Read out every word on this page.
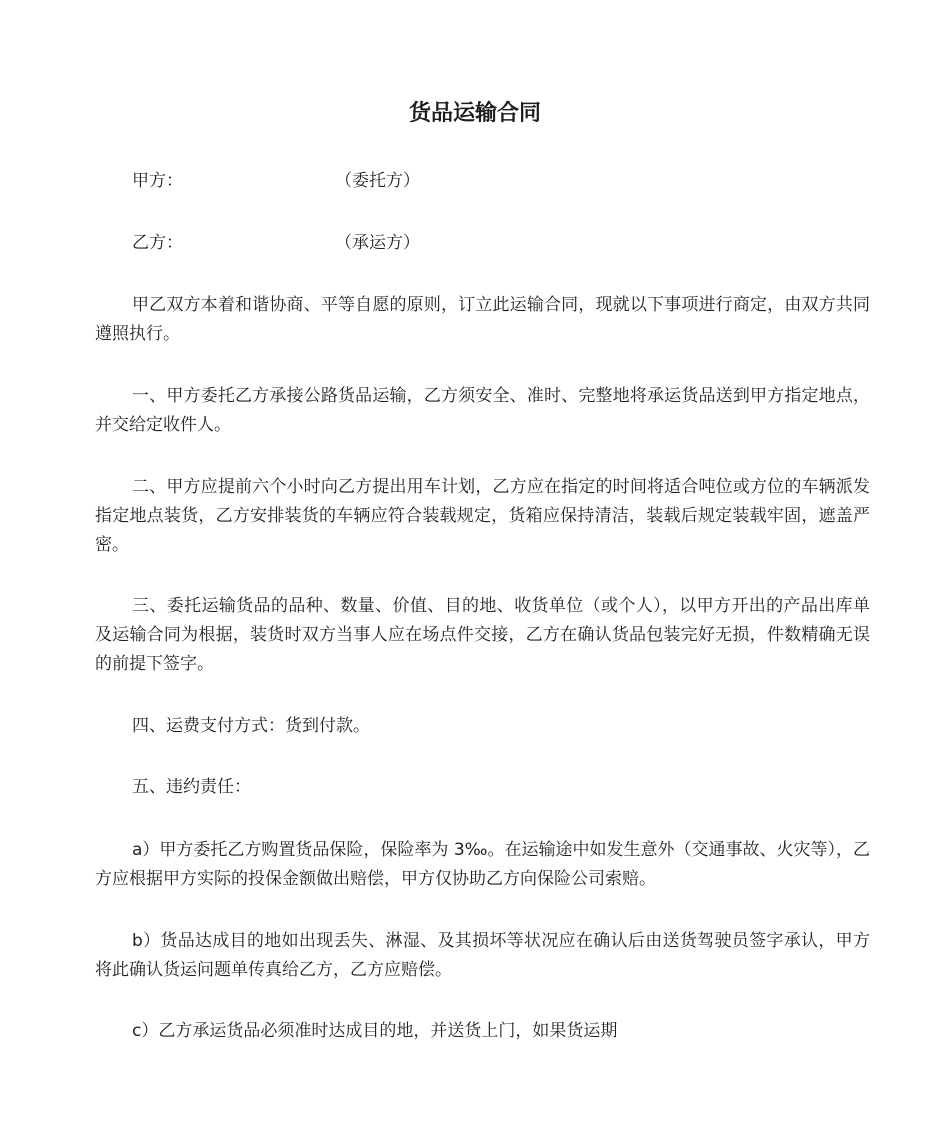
货品运输合同
甲方：	（委托方）
乙方：	（承运方）

甲乙双方本着和谐协商、平等自愿的原则，订立此运输合同，现就以下事项进行商定，由双方共同遵照执行。

一、甲方委托乙方承接公路货品运输，乙方须安全、准时、完整地将承运货品送到甲方指定地点，并交给定收件人。

二、甲方应提前六个小时向乙方提出用车计划，乙方应在指定的时间将适合吨位或方位的车辆派发指定地点装货，乙方安排装货的车辆应符合装载规定，货箱应保持清洁，装载后规定装载牢固，遮盖严密。

三、委托运输货品的品种、数量、价值、目的地、收货单位（或个人），以甲方开出的产品出库单及运输合同为根据，装货时双方当事人应在场点件交接，乙方在确认货品包装完好无损，件数精确无误的前提下签字。

四、运费支付方式：货到付款。

五、违约责任：

a）甲方委托乙方购置货品保险，保险率为 3‰。在运输途中如发生意外（交通事故、火灾等），乙方应根据甲方实际的投保金额做出赔偿，甲方仅协助乙方向保险公司索赔。

b）货品达成目的地如出现丢失、淋湿、及其损坏等状况应在确认后由送货驾驶员签字承认，甲方将此确认货运问题单传真给乙方，乙方应赔偿。

c）乙方承运货品必须准时达成目的地，并送货上门，如果货运期
